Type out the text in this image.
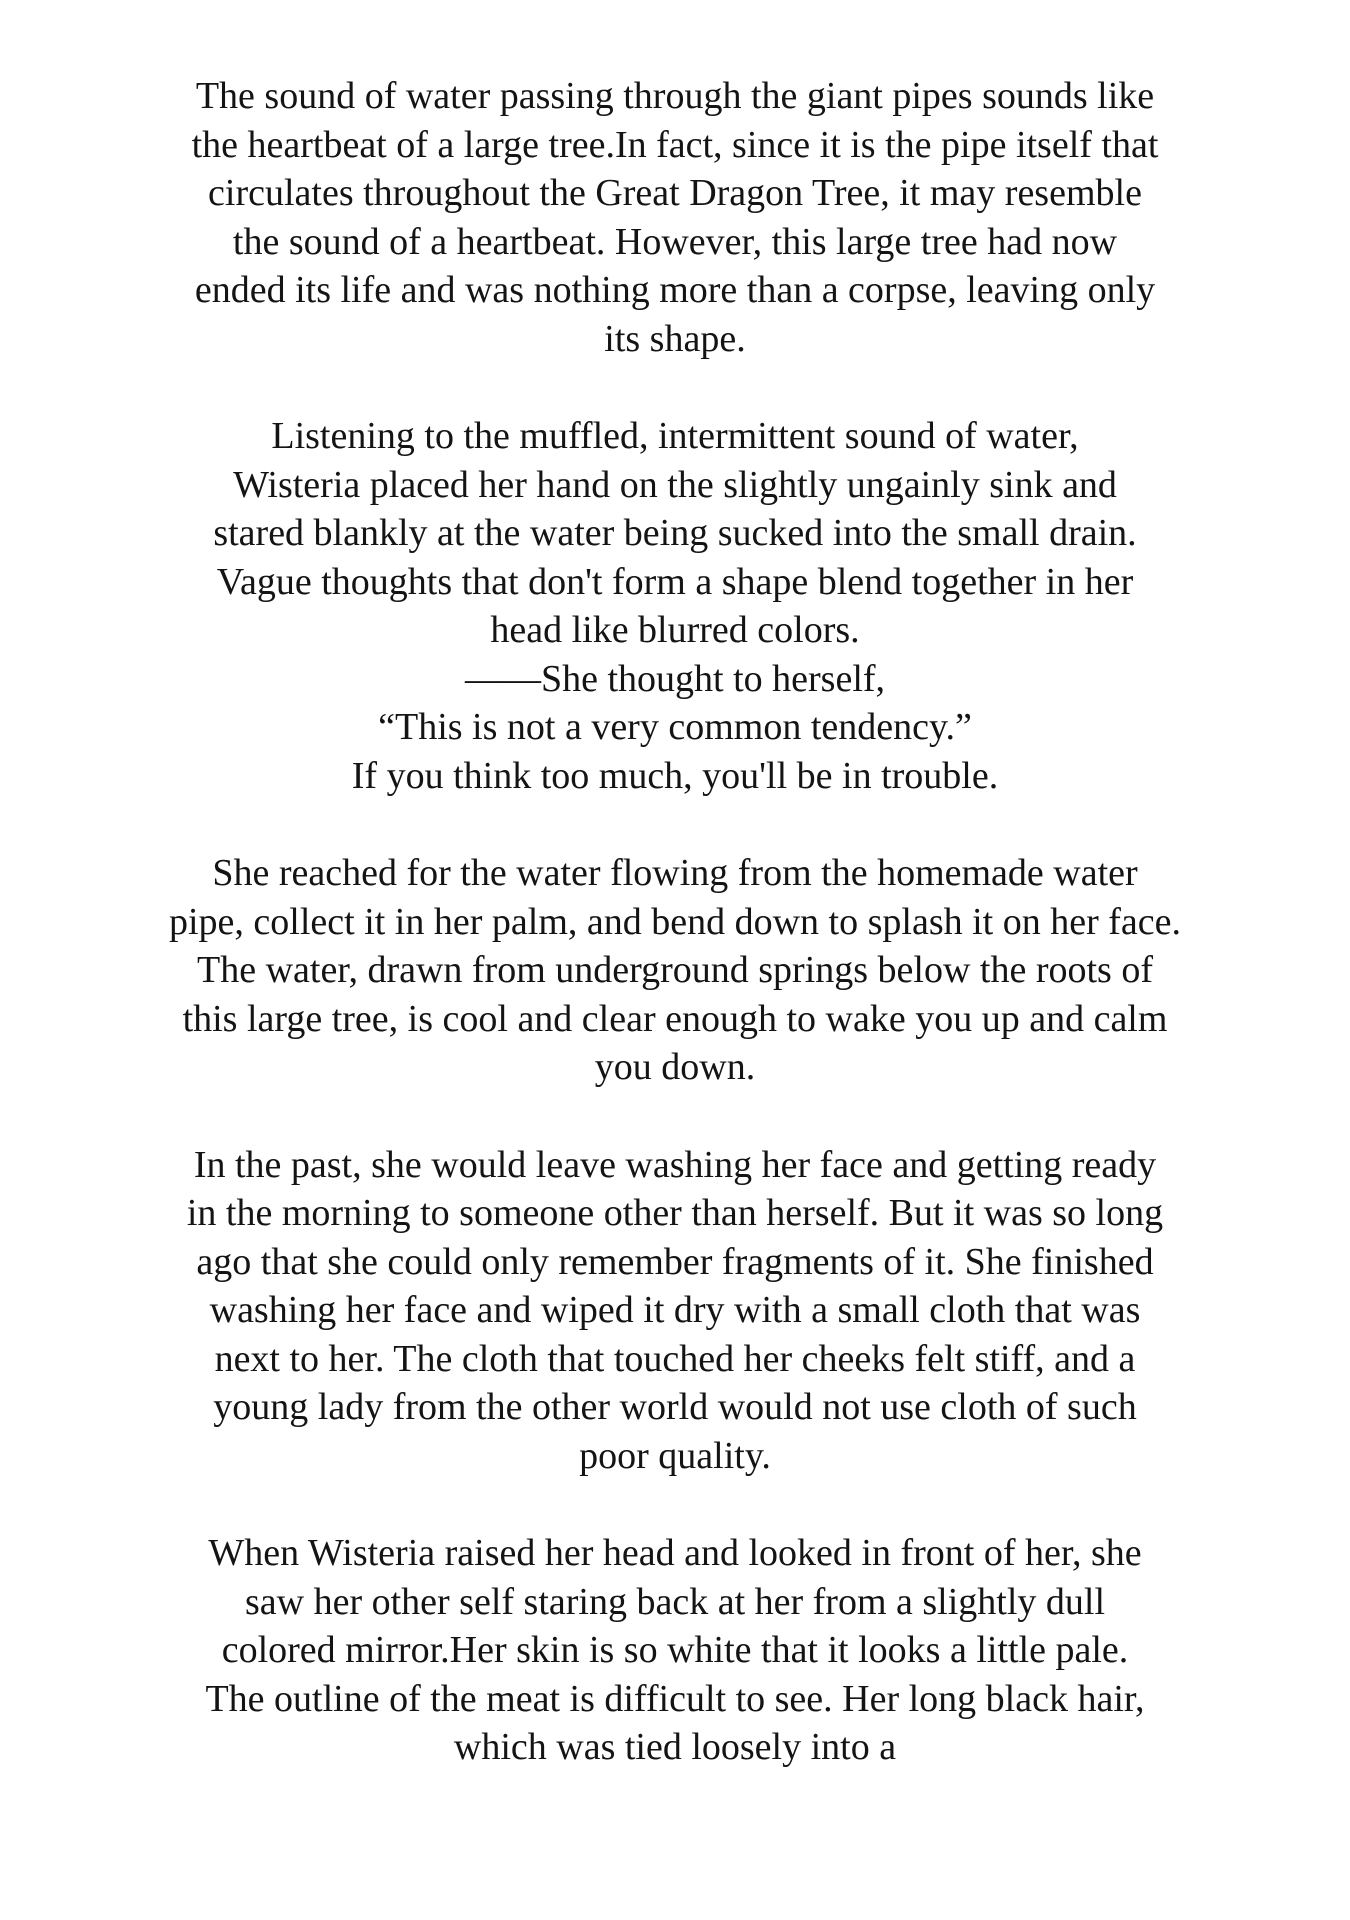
The sound of water passing through the giant pipes sounds like
the heartbeat of a large tree.In fact, since it is the pipe itself that
circulates throughout the Great Dragon Tree, it may resemble
the sound of a heartbeat. However, this large tree had now
ended its life and was nothing more than a corpse, leaving only
its shape.
Listening to the muffled, intermittent sound of water,
Wisteria placed her hand on the slightly ungainly sink and
stared blankly at the water being sucked into the small drain.
Vague thoughts that don't form a shape blend together in her
head like blurred colors.
——She thought to herself,
“This is not a very common tendency.”
If you think too much, you'll be in trouble.
She reached for the water flowing from the homemade water
pipe, collect it in her palm, and bend down to splash it on her face.
The water, drawn from underground springs below the roots of
this large tree, is cool and clear enough to wake you up and calm
you down.
In the past, she would leave washing her face and getting ready
in the morning to someone other than herself. But it was so long
ago that she could only remember fragments of it. She finished
washing her face and wiped it dry with a small cloth that was
next to her. The cloth that touched her cheeks felt stiff, and a
young lady from the other world would not use cloth of such
poor quality.
When Wisteria raised her head and looked in front of her, she
saw her other self staring back at her from a slightly dull
colored mirror.Her skin is so white that it looks a little pale.
The outline of the meat is difficult to see. Her long black hair,
which was tied loosely into a
